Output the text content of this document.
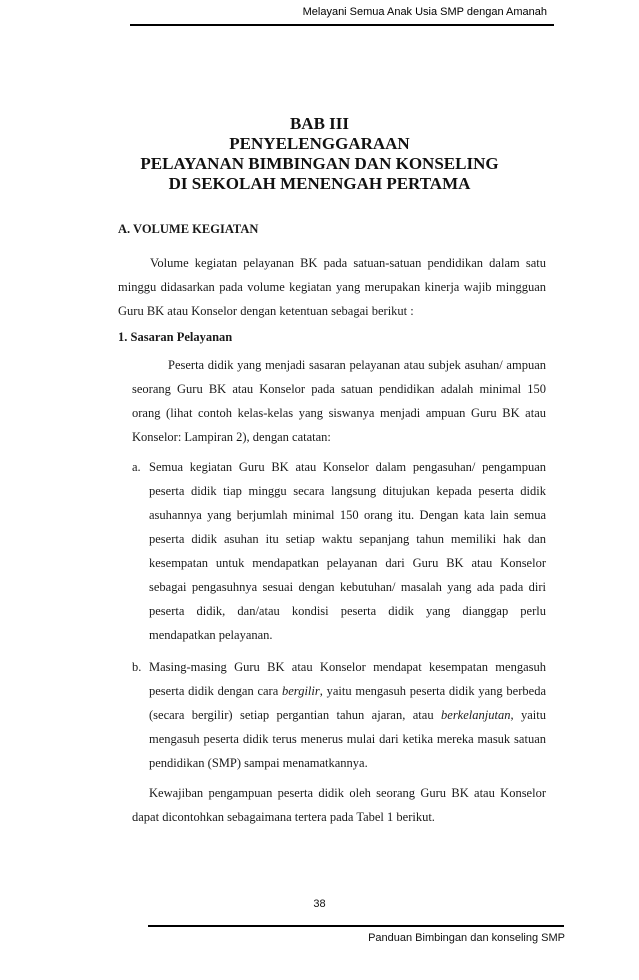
Melayani Semua Anak Usia SMP dengan Amanah
BAB III
PENYELENGGARAAN
PELAYANAN BIMBINGAN DAN KONSELING
DI SEKOLAH MENENGAH PERTAMA
A. VOLUME KEGIATAN
Volume kegiatan pelayanan BK pada satuan-satuan pendidikan dalam satu
minggu didasarkan pada volume kegiatan yang merupakan kinerja wajib mingguan
Guru BK atau Konselor dengan ketentuan sebagai berikut :
1. Sasaran Pelayanan
Peserta didik yang menjadi sasaran pelayanan atau subjek asuhan/ ampuan
seorang Guru BK atau Konselor pada satuan pendidikan adalah minimal 150
orang (lihat contoh kelas-kelas yang siswanya menjadi ampuan Guru BK atau
Konselor: Lampiran 2), dengan catatan:
a. Semua kegiatan Guru BK atau Konselor dalam pengasuhan/ pengampuan
peserta didik tiap minggu secara langsung ditujukan kepada peserta didik
asuhannya yang berjumlah minimal 150 orang itu. Dengan kata lain semua
peserta didik asuhan itu setiap waktu sepanjang tahun memiliki hak dan
kesempatan untuk mendapatkan pelayanan dari Guru BK atau Konselor
sebagai pengasuhnya sesuai dengan kebutuhan/ masalah yang ada pada diri
peserta didik, dan/atau kondisi peserta didik yang dianggap perlu
mendapatkan pelayanan.
b. Masing-masing Guru BK atau Konselor mendapat kesempatan mengasuh
peserta didik dengan cara bergilir, yaitu mengasuh peserta didik yang berbeda
(secara bergilir) setiap pergantian tahun ajaran, atau berkelanjutan, yaitu
mengasuh peserta didik terus menerus mulai dari ketika mereka masuk satuan
pendidikan (SMP) sampai menamatkannya.
Kewajiban pengampuan peserta didik oleh seorang Guru BK atau Konselor
dapat dicontohkan sebagaimana tertera pada Tabel 1 berikut.
38
Panduan Bimbingan dan konseling SMP
